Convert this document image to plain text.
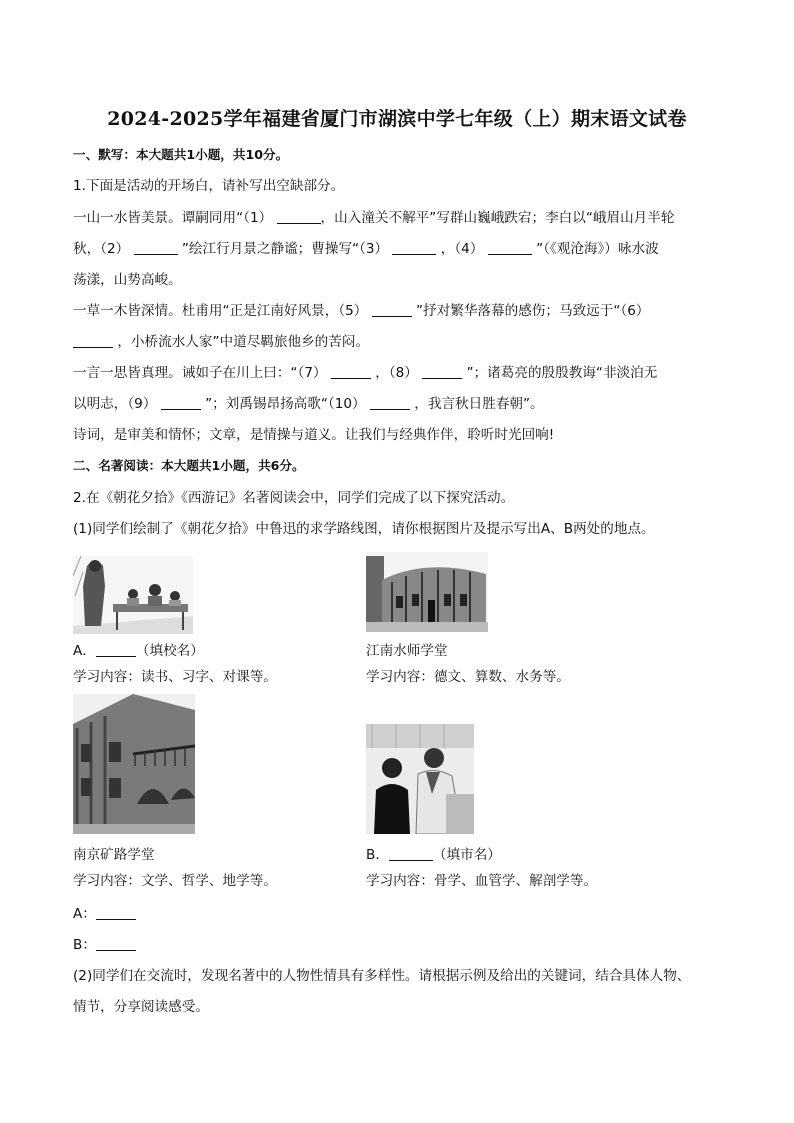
2024-2025学年福建省厦门市湖滨中学七年级（上）期末语文试卷
一、默写：本大题共1小题，共10分。
1.下面是活动的开场白，请补写出空缺部分。
一山一水皆美景。谭嗣同用“（1）	，山入潼关不解平”写群山巍峨跌宕；李白以“峨眉山月半轮
秋，（2）	”绘江行月景之静谧；曹操写“（3）	，（4）	”（《观沧海》）咏水波
荡漾，山势高峻。
一草一木皆深情。杜甫用“正是江南好风景，（5）	”抒对繁华落幕的感伤；马致远于“（6）
，小桥流水人家”中道尽羁旅他乡的苦闷。
一言一思皆真理。诫如子在川上曰：“（7）	，（8）	”；诸葛亮的殷殷教诲“非淡泊无
以明志，（9）	”；刘禹锡昂扬高歌“（10）	，我言秋日胜春朝”。
诗词，是审美和情怀；文章，是情操与道义。让我们与经典作伴，聆听时光回响!
二、名著阅读：本大题共1小题，共6分。
2.在《朝花夕拾》《西游记》名著阅读会中，同学们完成了以下探究活动。
(1)同学们绘制了《朝花夕拾》中鲁迅的求学路线图，请你根据图片及提示写出A、B两处的地点。
A．	（填校名）
学习内容：读书、习字、对课等。
江南水师学堂
学习内容：德文、算数、水务等。
南京矿路学堂
学习内容：文学、哲学、地学等。
B．	（填市名）
学习内容：骨学、血管学、解剖学等。
A：
B：
(2)同学们在交流时，发现名著中的人物性情具有多样性。请根据示例及给出的关键词，结合具体人物、
情节，分享阅读感受。
